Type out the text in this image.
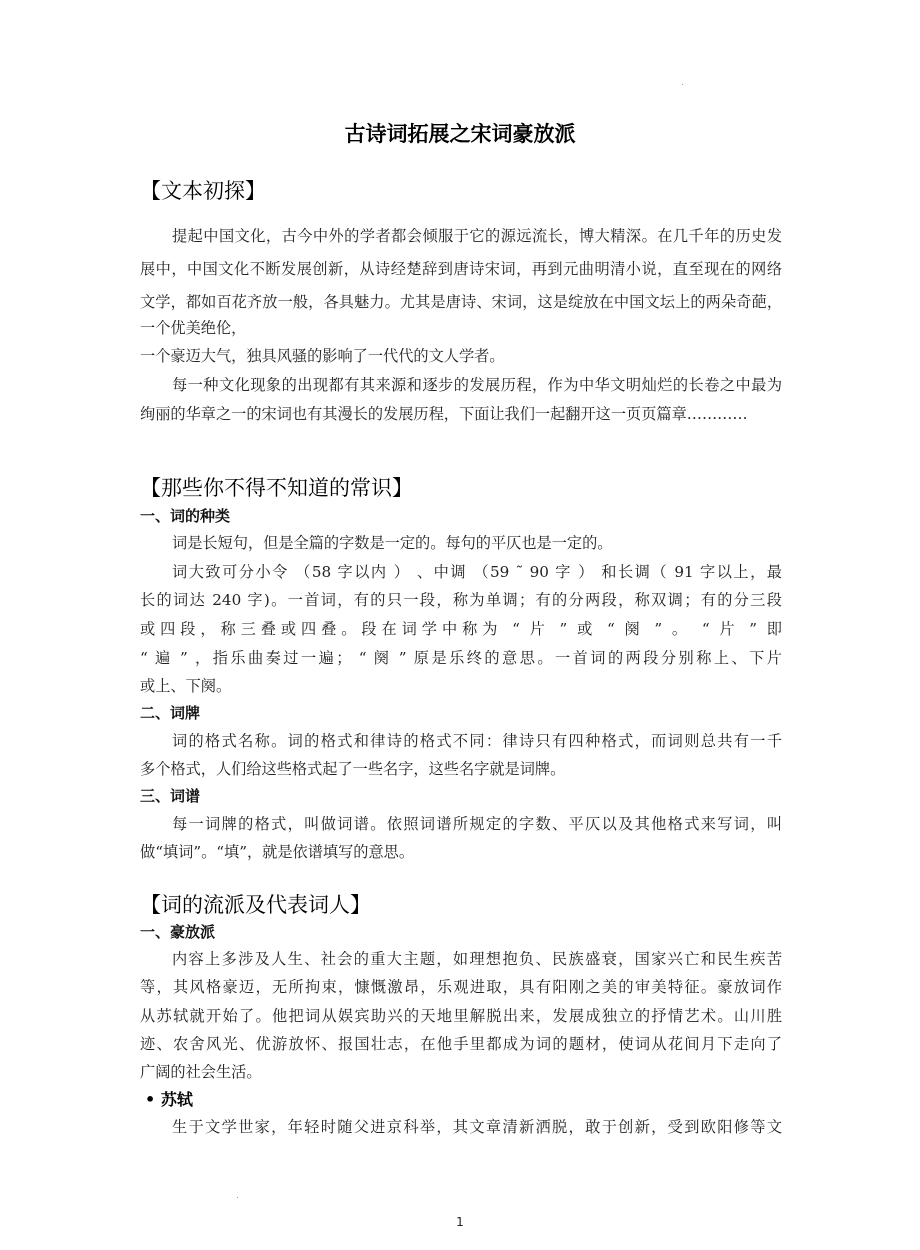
古诗词拓展之宋词豪放派
【文本初探】
提起中国文化，古今中外的学者都会倾服于它的源远流长，博大精深。在几千年的历史发
展中，中国文化不断发展创新，从诗经楚辞到唐诗宋词，再到元曲明清小说，直至现在的网络
文学，都如百花齐放一般，各具魅力。尤其是唐诗、宋词，这是绽放在中国文坛上的两朵奇葩，
一个优美绝伦，
一个豪迈大气，独具风骚的影响了一代代的文人学者。
每一种文化现象的出现都有其来源和逐步的发展历程，作为中华文明灿烂的长卷之中最为
绚丽的华章之一的宋词也有其漫长的发展历程，下面让我们一起翻开这一页页篇章…………
【那些你不得不知道的常识】
一、词的种类
词是长短句，但是全篇的字数是一定的。每句的平仄也是一定的。
词大致可分小令 （58 字以内 ） 、中调 （59 ˜ 90 字 ） 和长调（ 91 字以上，最
长的词达 240 字)。一首词，有的只一段，称为单调；有的分两段，称双调；有的分三段
或四段，称三叠或四叠。段在词学中称为 “ 片 ” 或 “ 阕 ” 。 “ 片 ” 即
“ 遍 ” ，指乐曲奏过一遍； “ 阕 ” 原是乐终的意思。一首词的两段分别称上、下片
或上、下阕。
二、词牌
词的格式名称。词的格式和律诗的格式不同：律诗只有四种格式，而词则总共有一千
多个格式，人们给这些格式起了一些名字，这些名字就是词牌。
三、词谱
每一词牌的格式，叫做词谱。依照词谱所规定的字数、平仄以及其他格式来写词，叫
做“填词”。“填”，就是依谱填写的意思。
【词的流派及代表词人】
一、豪放派
内容上多涉及人生、社会的重大主题，如理想抱负、民族盛衰，国家兴亡和民生疾苦
等，其风格豪迈，无所拘束，慷慨激昂，乐观进取，具有阳刚之美的审美特征。豪放词作
从苏轼就开始了。他把词从娱宾助兴的天地里解脱出来，发展成独立的抒情艺术。山川胜
迹、农舍风光、优游放怀、报国壮志，在他手里都成为词的题材，使词从花间月下走向了
广阔的社会生活。
• 苏轼
生于文学世家，年轻时随父进京科举，其文章清新洒脱，敢于创新，受到欧阳修等文
1
